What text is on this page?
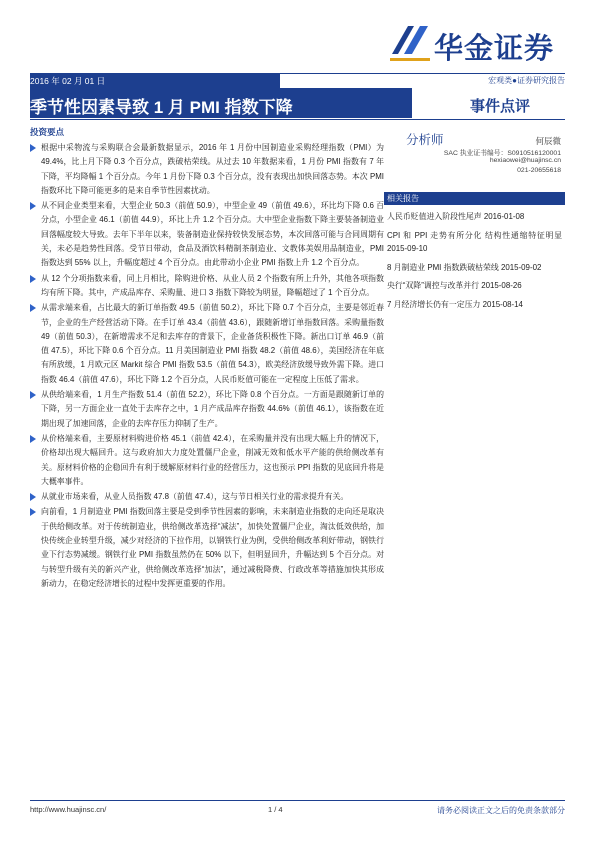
华金证券
2016 年 02 月 01 日	宏观类●证券研究报告
季节性因素导致 1 月 PMI 指数下降	事件点评
投资要点
根据中采物流与采购联合会最新数据显示，2016 年 1 月份中国制造业采购经理指数（PMI）为 49.4%，比上月下降 0.3 个百分点，跌破枯荣线。从过去 10 年数据来看，1 月份 PMI 指数有 7 年下降，平均降幅 1 个百分点。今年 1 月份下降 0.3 个百分点，没有表现出加快回落态势。本次 PMI 指数环比下降可能更多的是来自季节性因素扰动。
从不同企业类型来看，大型企业 50.3（前值 50.9），中型企业 49（前值 49.6），环比均下降 0.6 百分点，小型企业 46.1（前值 44.9），环比上升 1.2 个百分点。大中型企业指数下降主要装备制造业回落幅度较大导致。去年下半年以来，装备制造业保持较快发展态势，本次回落可能与合同周期有关，未必是趋势性回落。受节日带动，食品及酒饮料精制茶制造业、文教体美娱用品制造业，PMI 指数达到 55% 以上，升幅度超过 4 个百分点。由此带动小企业 PMI 指数上升 1.2 个百分点。
从 12 个分项指数来看，同上月相比，除购进价格、从业人员 2 个指数有所上升外，其他各项指数均有所下降。其中，产成品库存、采购量、进口 3 指数下降较为明显，降幅超过了 1 个百分点。
从需求端来看，占比最大的新订单指数 49.5（前值 50.2），环比下降 0.7 个百分点，主要是邻近春节，企业的生产经营活动下降。在手订单 43.4（前值 43.6），跟随新增订单指数回落。采购量指数 49（前值 50.3），在新增需求不足和去库存的背景下，企业备货积极性下降。新出口订单 46.9（前值 47.5），环比下降 0.6 个百分点。11 月美国制造业 PMI 指数 48.2（前值 48.6），美国经济在年底有所放缓，1 月欧元区 Markit 综合 PMI 指数 53.5（前值 54.3），欧美经济放缓导致外需下降。进口指数 46.4（前值 47.6），环比下降 1.2 个百分点，人民币贬值可能在一定程度上压低了需求。
从供给端来看，1 月生产指数 51.4（前值 52.2），环比下降 0.8 个百分点。一方面是跟随新订单的下降，另一方面企业一直处于去库存之中，1 月产成品库存指数 44.6%（前值 46.1），该指数在近期出现了加速回落，企业的去库存压力抑制了生产。
从价格端来看，主要原材料购进价格 45.1（前值 42.4），在采购量并没有出现大幅上升的情况下，价格却出现大幅回升。这与政府加大力度处置僵尸企业，削减无效和低水平产能的供给侧改革有关。原材料价格的企稳回升有利于缓解原材料行业的经营压力，这也预示 PPI 指数的见底回升将是大概率事件。
从就业市场来看，从业人员指数 47.8（前值 47.4），这与节日相关行业的需求提升有关。
向前看，1 月制造业 PMI 指数回落主要是受到季节性因素的影响，未来制造业指数的走向还是取决于供给侧改革。对于传统制造业，供给侧改革选择“减法”，加快处置僵尸企业，淘汰低效供给，加快传统企业转型升级，减少对经济的下拉作用，以钢铁行业为例，受供给侧改革利好带动，钢铁行业下行态势减缓。钢铁行业 PMI 指数虽然仍在 50% 以下，但明显回升，升幅达到 5 个百分点。对与转型升级有关的新兴产业，供给侧改革选择“加法”，通过减税降费、行政改革等措施加快其形成新动力，在稳定经济增长的过程中发挥更重要的作用。
分析师	何辰微
SAC 执业证书编号：S0910516120001
hexiaowei@huajinsc.cn
021-20655618
相关报告
人民币贬值进入阶段性尾声 2016-01-08
CPI 和 PPI 走势有所分化 结构性通缩特征明显 2015-09-10
8 月制造业 PMI 指数跌破枯荣线 2015-09-02
央行“双降”调控与改革并行 2015-08-26
7 月经济增长仍有一定压力 2015-08-14
http://www.huajinsc.cn/	1 / 4	请务必阅读正文之后的免责条款部分
